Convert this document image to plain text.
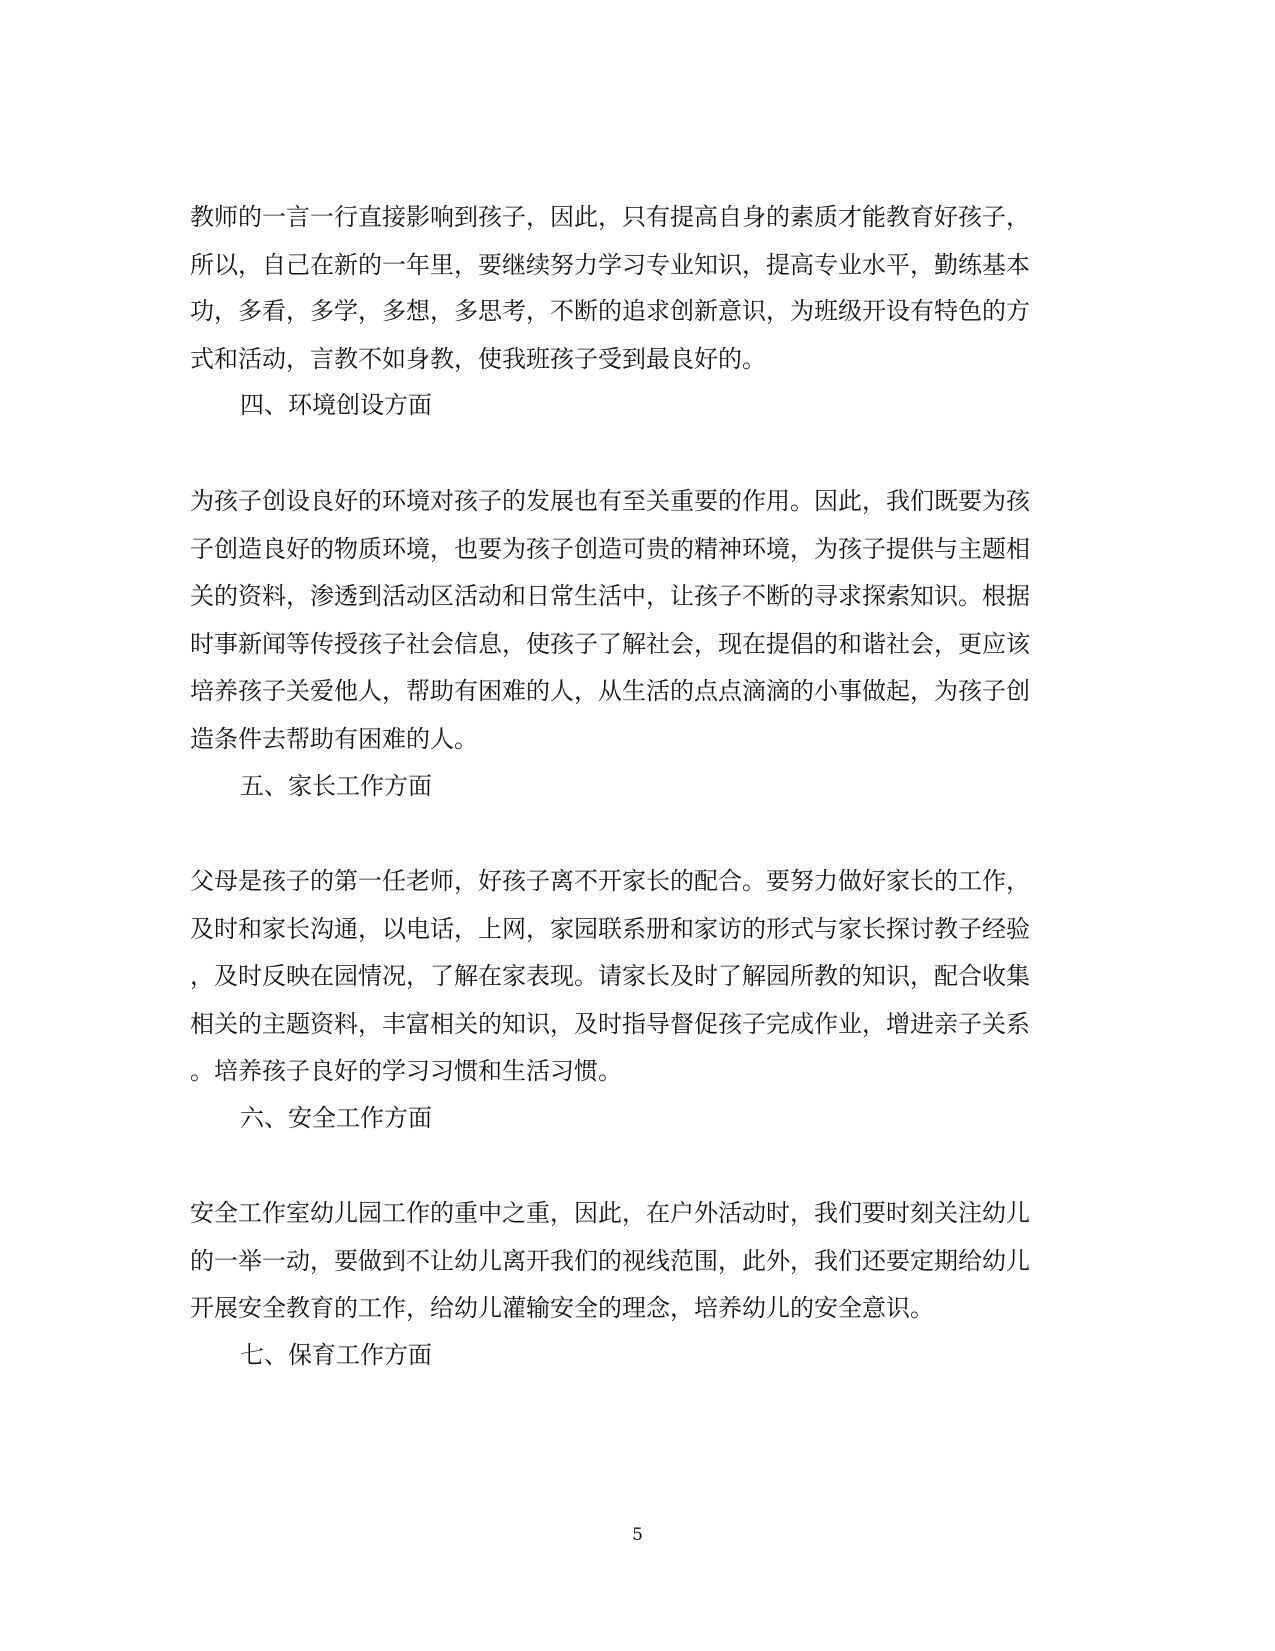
教师的一言一行直接影响到孩子，因此，只有提高自身的素质才能教育好孩子，
所以，自己在新的一年里，要继续努力学习专业知识，提高专业水平，勤练基本
功，多看，多学，多想，多思考，不断的追求创新意识，为班级开设有特色的方
式和活动，言教不如身教，使我班孩子受到最良好的。
四、环境创设方面
为孩子创设良好的环境对孩子的发展也有至关重要的作用。因此，我们既要为孩
子创造良好的物质环境，也要为孩子创造可贵的精神环境，为孩子提供与主题相
关的资料，渗透到活动区活动和日常生活中，让孩子不断的寻求探索知识。根据
时事新闻等传授孩子社会信息，使孩子了解社会，现在提倡的和谐社会，更应该
培养孩子关爱他人，帮助有困难的人，从生活的点点滴滴的小事做起，为孩子创
造条件去帮助有困难的人。
五、家长工作方面
父母是孩子的第一任老师，好孩子离不开家长的配合。要努力做好家长的工作，
及时和家长沟通，以电话，上网，家园联系册和家访的形式与家长探讨教子经验
，及时反映在园情况，了解在家表现。请家长及时了解园所教的知识，配合收集
相关的主题资料，丰富相关的知识，及时指导督促孩子完成作业，增进亲子关系
。培养孩子良好的学习习惯和生活习惯。
六、安全工作方面
安全工作室幼儿园工作的重中之重，因此，在户外活动时，我们要时刻关注幼儿
的一举一动，要做到不让幼儿离开我们的视线范围，此外，我们还要定期给幼儿
开展安全教育的工作，给幼儿灌输安全的理念，培养幼儿的安全意识。
七、保育工作方面
5
